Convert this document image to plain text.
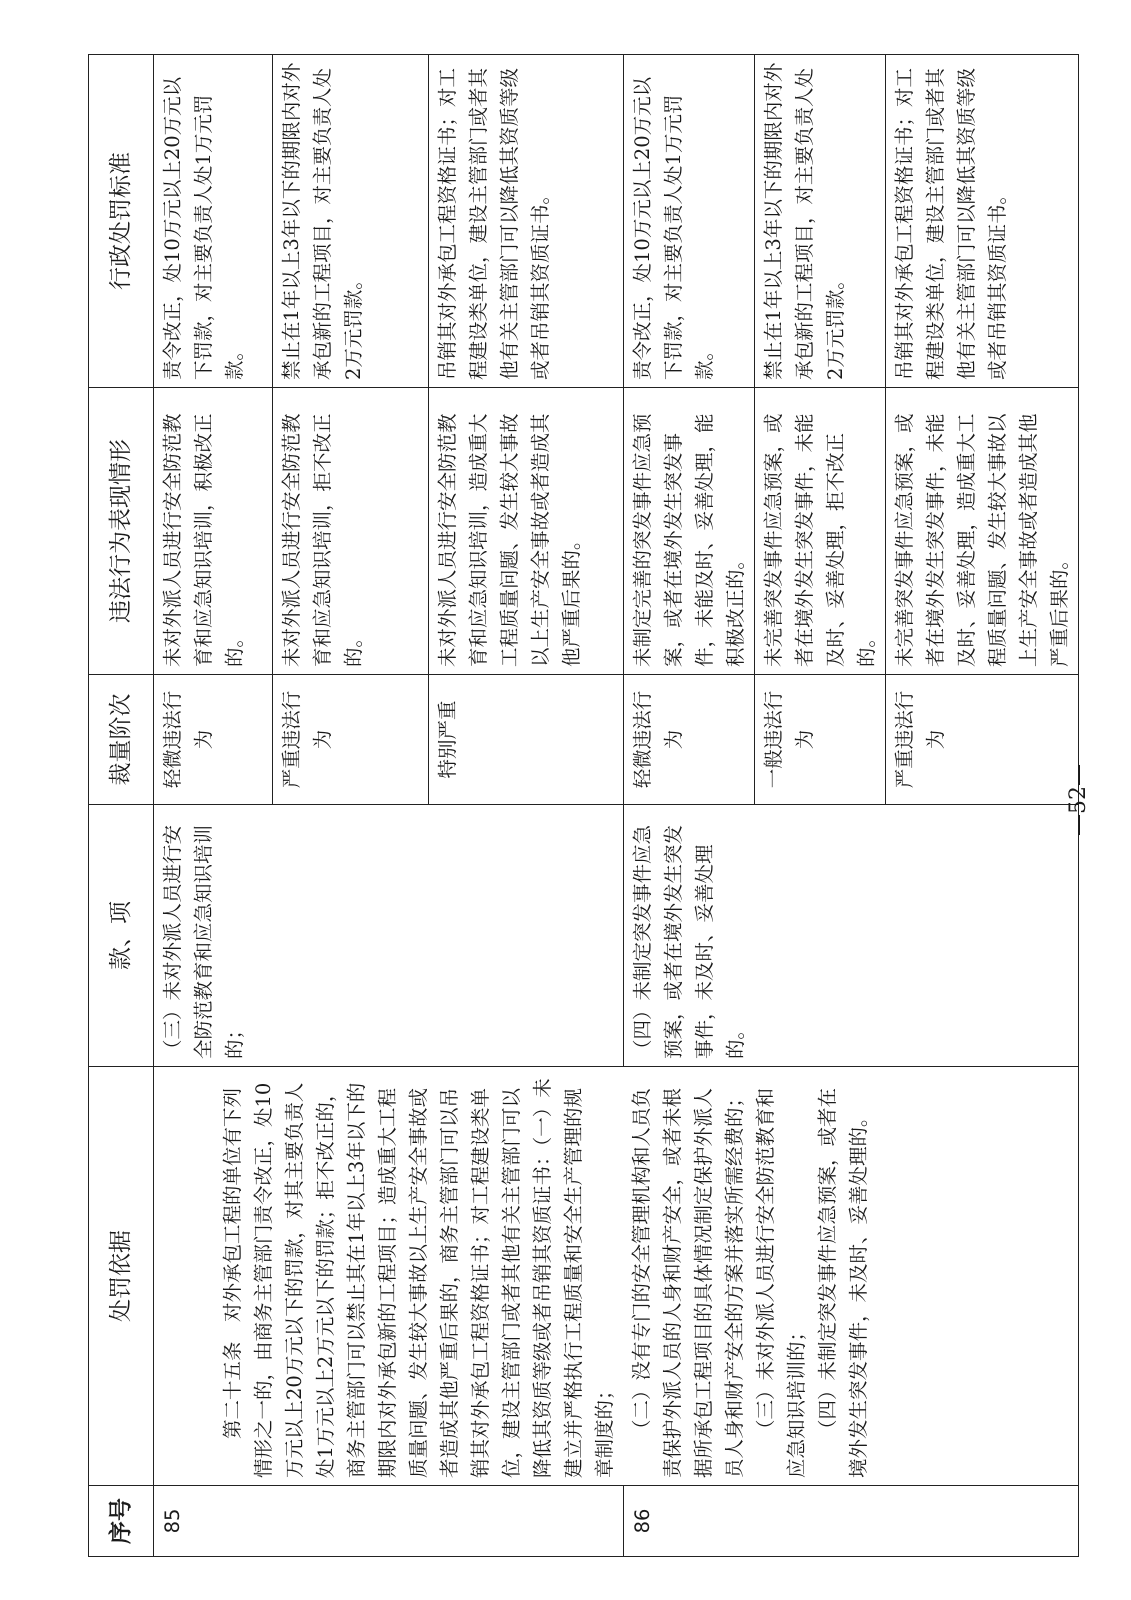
序号	处罚依据	款、项	裁量阶次	违法行为表现情形	行政处罚标准
85	第二十五条　对外承包工程的单位有下列情形之一的，由商务主管部门责令改正，处10万元以上20万元以下的罚款，对其主要负责人处1万元以上2万元以下的罚款；拒不改正的，商务主管部门可以禁止其在1年以上3年以下的期限内对外承包新的工程项目；造成重大工程质量问题、发生较大事故以上生产安全事故或者造成其他严重后果的，商务主管部门可以吊销其对外承包工程资格证书；对工程建设类单位，建设主管部门或者其他有关主管部门可以降低其资质等级或者吊销其资质证书：（一）未建立并严格执行工程质量和安全生产管理的规章制度的；	（三）未对外派人员进行安全防范教育和应急知识培训的；	轻微违法行为	未对外派人员进行安全防范教育和应急知识培训，积极改正的。	责令改正，处10万元以上20万元以下罚款，对主要负责人处1万元罚款。
			严重违法行为	未对外派人员进行安全防范教育和应急知识培训，拒不改正的。	禁止在1年以上3年以下的期限内对外承包新的工程项目，对主要负责人处2万元罚款。
			特别严重	未对外派人员进行安全防范教育和应急知识培训，造成重大工程质量问题、发生较大事故以上生产安全事故或者造成其他严重后果的。	吊销其对外承包工程资格证书；对工程建设类单位，建设主管部门或者其他有关主管部门可以降低其资质等级或者吊销其资质证书。
86	（二）没有专门的安全管理机构和人员负责保护外派人员的人身和财产安全，或者未根据所承包工程项目的具体情况制定保护外派人员人身和财产安全的方案并落实所需经费的； （三）未对外派人员进行安全防范教育和应急知识培训的； （四）未制定突发事件应急预案，或者在境外发生突发事件，未及时、妥善处理的。	（四）未制定突发事件应急预案，或者在境外发生突发事件，未及时、妥善处理的。	轻微违法行为	未制定完善的突发事件应急预案，或者在境外发生突发事件，未能及时、妥善处理，能积极改正的。	责令改正，处10万元以上20万元以下罚款，对主要负责人处1万元罚款。
			一般违法行为	未完善突发事件应急预案，或者在境外发生突发事件，未能及时、妥善处理，拒不改正的。	禁止在1年以上3年以下的期限内对外承包新的工程项目，对主要负责人处2万元罚款。
			严重违法行为	未完善突发事件应急预案，或者在境外发生突发事件，未能及时、妥善处理，造成重大工程质量问题、发生较大事故以上生产安全事故或者造成其他严重后果的。	吊销其对外承包工程资格证书；对工程建设类单位，建设主管部门或者其他有关主管部门可以降低其资质等级或者吊销其资质证书。
—52—
